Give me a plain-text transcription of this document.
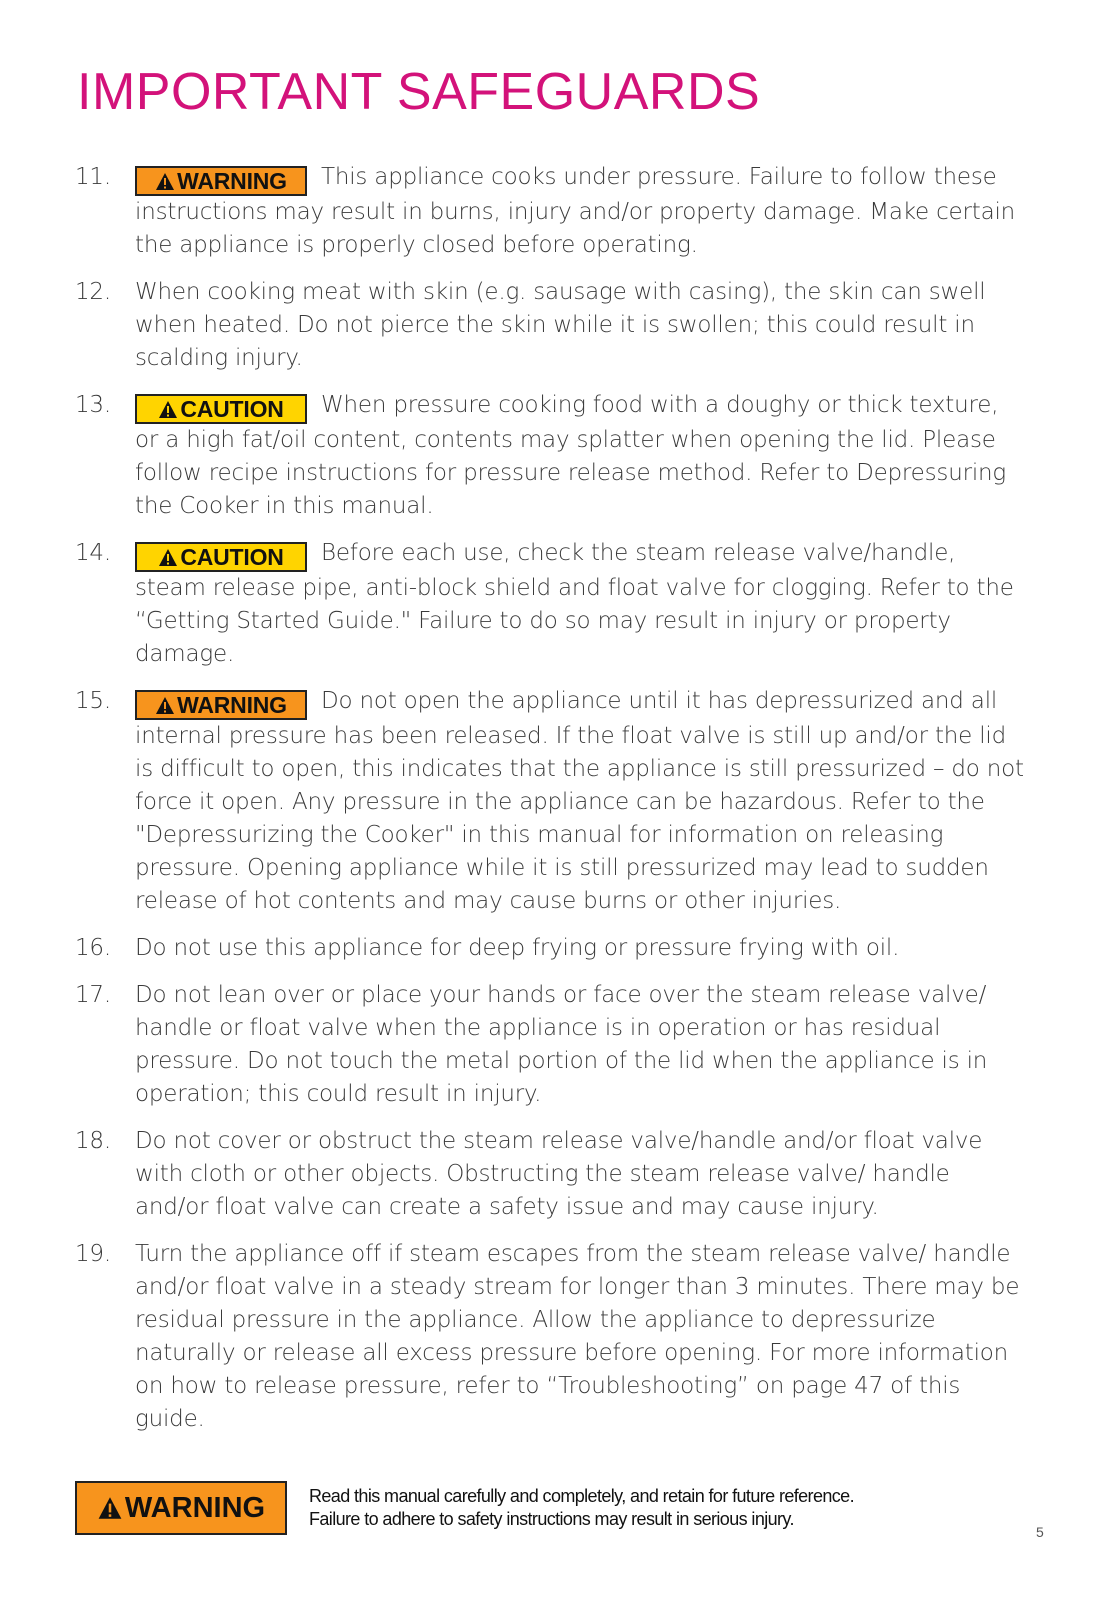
IMPORTANT SAFEGUARDS
11.	WARNING This appliance cooks under pressure. Failure to follow these instructions may result in burns, injury and/or property damage. Make certain the appliance is properly closed before operating.
12.	When cooking meat with skin (e.g. sausage with casing), the skin can swell when heated. Do not pierce the skin while it is swollen; this could result in scalding injury.
13.	CAUTION When pressure cooking food with a doughy or thick texture, or a high fat/oil content, contents may splatter when opening the lid. Please follow recipe instructions for pressure release method. Refer to Depressuring the Cooker in this manual.
14.	CAUTION Before each use, check the steam release valve/handle, steam release pipe, anti-block shield and float valve for clogging. Refer to the “Getting Started Guide." Failure to do so may result in injury or property damage.
15.	WARNING Do not open the appliance until it has depressurized and all internal pressure has been released. If the float valve is still up and/or the lid is difficult to open, this indicates that the appliance is still pressurized – do not force it open. Any pressure in the appliance can be hazardous. Refer to the "Depressurizing the Cooker" in this manual for information on releasing pressure. Opening appliance while it is still pressurized may lead to sudden release of hot contents and may cause burns or other injuries.
16.	Do not use this appliance for deep frying or pressure frying with oil.
17.	Do not lean over or place your hands or face over the steam release valve/ handle or float valve when the appliance is in operation or has residual pressure. Do not touch the metal portion of the lid when the appliance is in operation; this could result in injury.
18.	Do not cover or obstruct the steam release valve/handle and/or float valve with cloth or other objects. Obstructing the steam release valve/ handle and/or float valve can create a safety issue and may cause injury.
19.	Turn the appliance off if steam escapes from the steam release valve/ handle and/or float valve in a steady stream for longer than 3 minutes. There may be residual pressure in the appliance. Allow the appliance to depressurize naturally or release all excess pressure before opening. For more information on how to release pressure, refer to “Troubleshooting” on page 47 of this guide.
WARNING	Read this manual carefully and completely, and retain for future reference.
Failure to adhere to safety instructions may result in serious injury.
5
